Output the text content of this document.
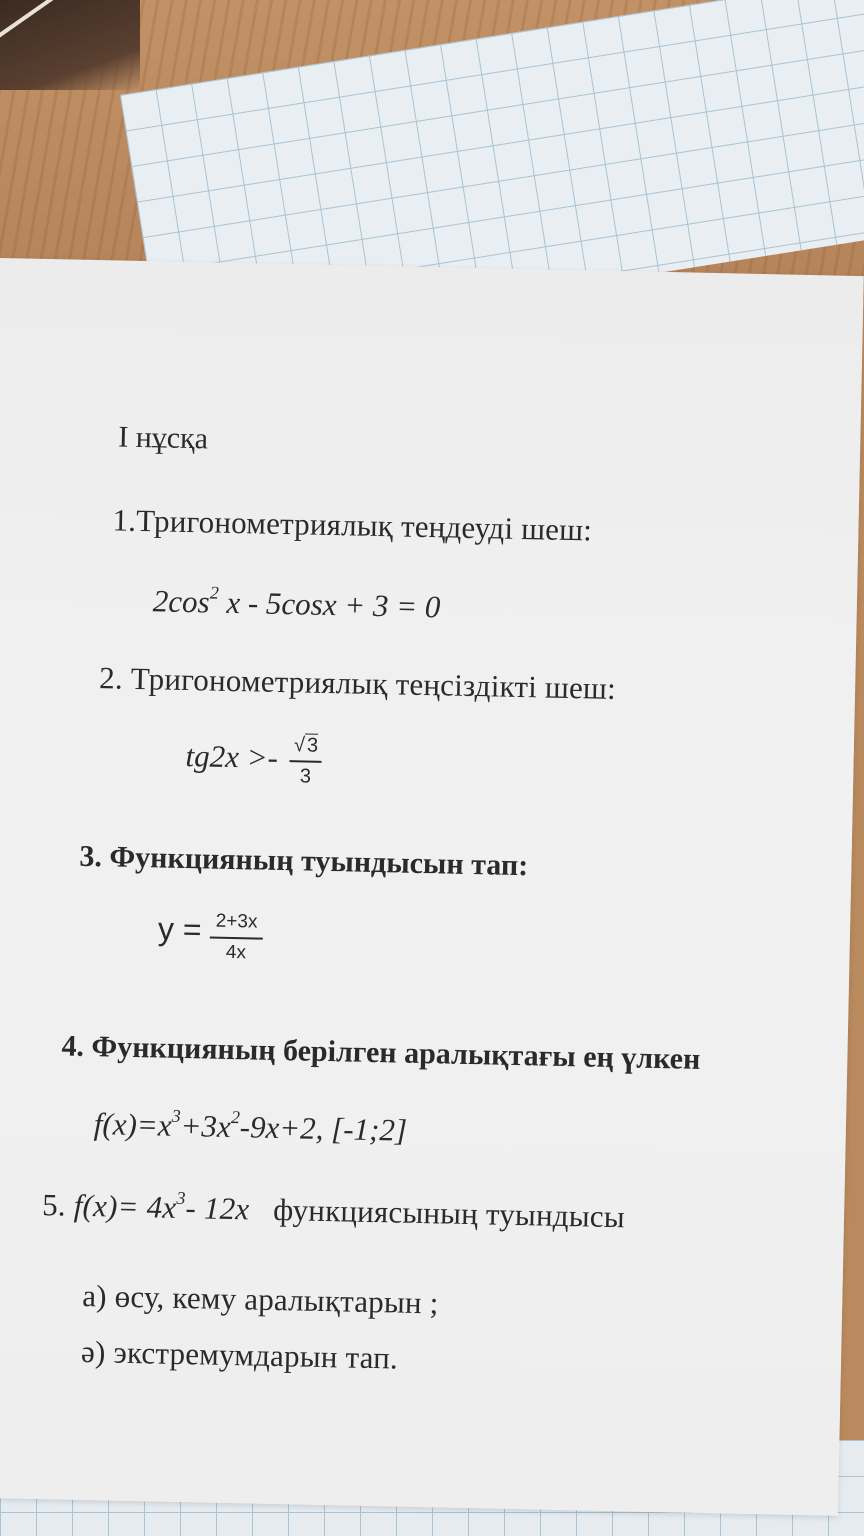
I нұсқа
1.Тригонометриялық теңдеуді шеш:
$2\cos^2$ x - 5cosx + 3 = 0
2. Тригонометриялық теңсіздікті шеш:
$tg2x >- \frac{√3}{3}$
3. Функцияның туындысын тап:
$y = \frac{2+3x}{4x}$
4. Функцияның берілген аралықтағы ең үлкен
$f(x)=x^3+3x^2-9x+2$, [-1;2]
5. $f(x)= 4x^3-$ 12x функциясының туындысы
а) өсу, кему аралықтарын ;
ә) экстремумдарын тап.
